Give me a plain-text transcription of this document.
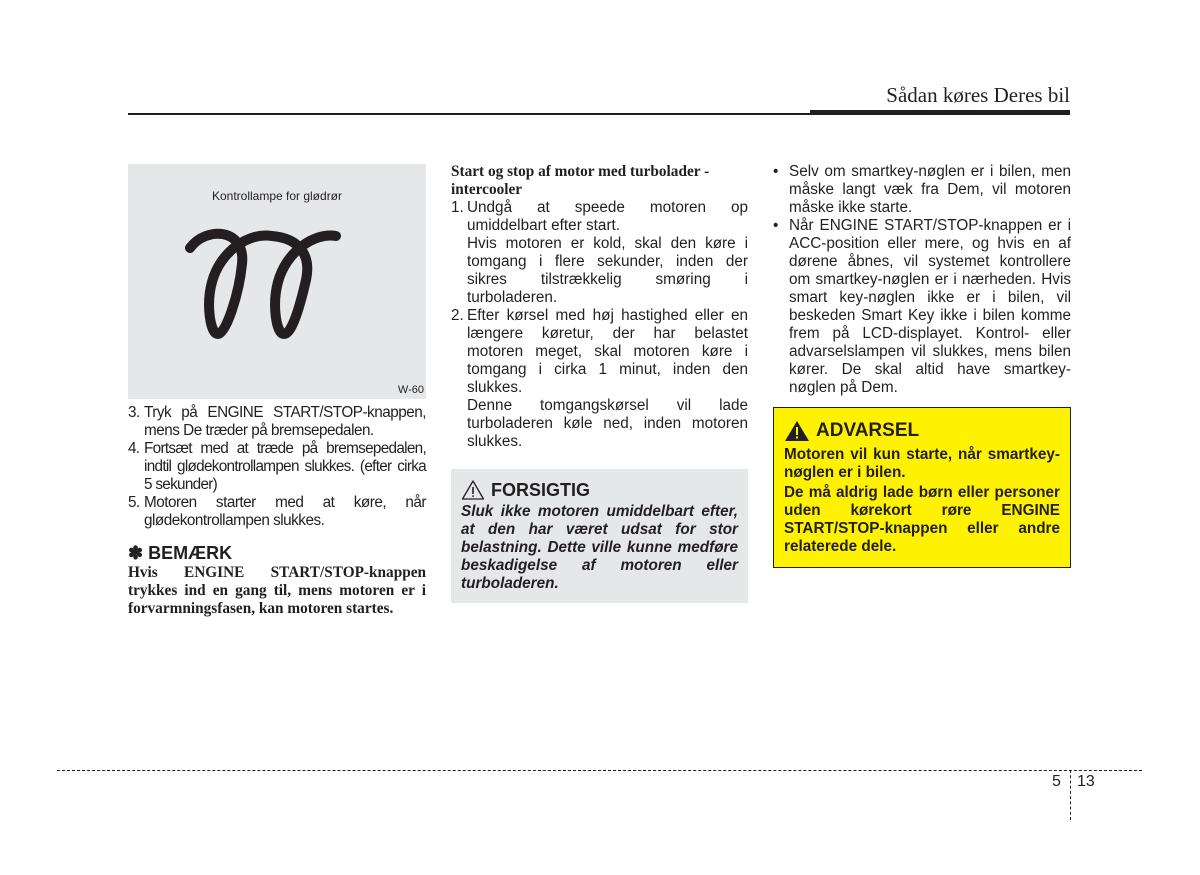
Sådan køres Deres bil
Kontrollampe for glødrør
W-60
3. Tryk på ENGINE START/STOP-knappen, mens De træder på bremsepedalen.
4. Fortsæt med at træde på bremsepedalen, indtil glødekontrollampen slukkes. (efter cirka 5 sekunder)
5. Motoren starter med at køre, når glødekontrollampen slukkes.
✽ BEMÆRK
Hvis ENGINE START/STOP-knappen trykkes ind en gang til, mens motoren er i forvarmningsfasen, kan motoren startes.
Start og stop af motor med turbolader - intercooler
1. Undgå at speede motoren op umiddelbart efter start.
Hvis motoren er kold, skal den køre i tomgang i flere sekunder, inden der sikres tilstrækkelig smøring i turboladeren.
2. Efter kørsel med høj hastighed eller en længere køretur, der har belastet motoren meget, skal motoren køre i tomgang i cirka 1 minut, inden den slukkes.
Denne tomgangskørsel vil lade turboladeren køle ned, inden motoren slukkes.
FORSIGTIG
Sluk ikke motoren umiddelbart efter, at den har været udsat for stor belastning. Dette ville kunne medføre beskadigelse af motoren eller turboladeren.
• Selv om smartkey-nøglen er i bilen, men måske langt væk fra Dem, vil motoren måske ikke starte.
• Når ENGINE START/STOP-knappen er i ACC-position eller mere, og hvis en af dørene åbnes, vil systemet kontrollere om smartkey-nøglen er i nærheden. Hvis smart key-nøglen ikke er i bilen, vil beskeden Smart Key ikke i bilen komme frem på LCD-displayet. Kontrol- eller advarselslampen vil slukkes, mens bilen kører. De skal altid have smartkey-nøglen på Dem.
ADVARSEL
Motoren vil kun starte, når smartkey-nøglen er i bilen.
De må aldrig lade børn eller personer uden kørekort røre ENGINE START/STOP-knappen eller andre relaterede dele.
5 13
